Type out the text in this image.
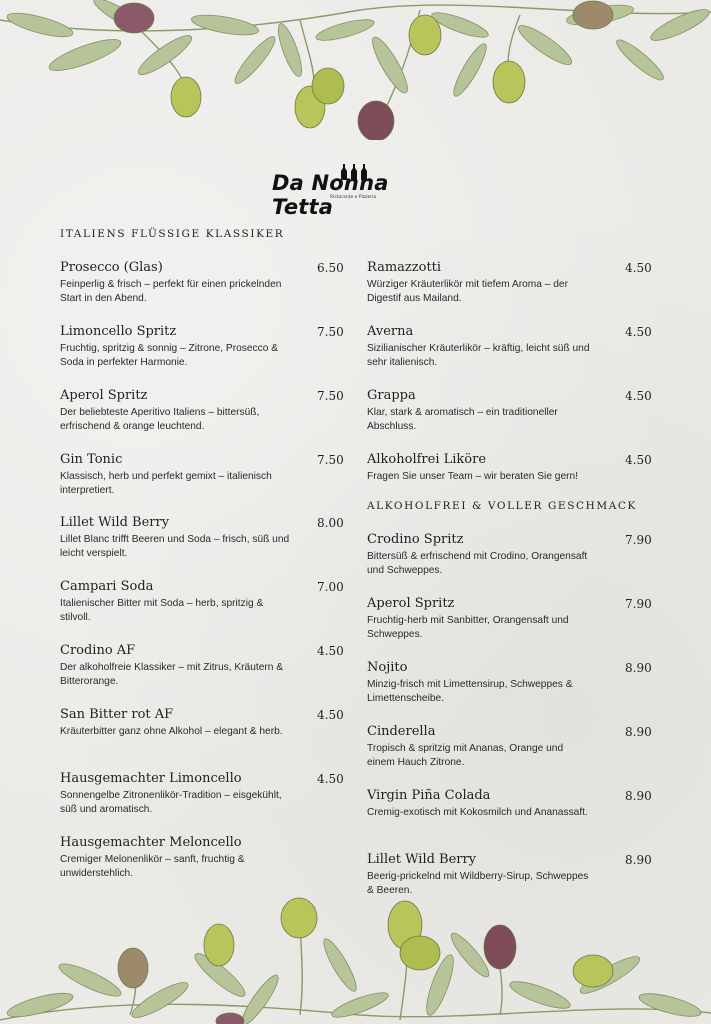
Da Nonna Tetta
Ristorante e Pizzeria
ITALIENS FLÜSSIGE KLASSIKER
ALKOHOLFREI & VOLLER GESCHMACK
Prosecco (Glas)	6.50
Feinperlig & frisch – perfekt für einen prickelnden Start in den Abend.
Limoncello Spritz	7.50
Fruchtig, spritzig & sonnig – Zitrone, Prosecco & Soda in perfekter Harmonie.
Aperol Spritz	7.50
Der beliebteste Aperitivo Italiens – bittersüß, erfrischend & orange leuchtend.
Gin Tonic	7.50
Klassisch, herb und perfekt gemixt – italienisch interpretiert.
Lillet Wild Berry	8.00
Lillet Blanc trifft Beeren und Soda – frisch, süß und leicht verspielt.
Campari Soda	7.00
Italienischer Bitter mit Soda – herb, spritzig & stilvoll.
Crodino AF	4.50
Der alkoholfreie Klassiker – mit Zitrus, Kräutern & Bitterorange.
San Bitter rot AF	4.50
Kräuterbitter ganz ohne Alkohol – elegant & herb.
Hausgemachter Limoncello	4.50
Sonnengelbe Zitronenlikör-Tradition – eisgekühlt, süß und aromatisch.
Hausgemachter Meloncello
Cremiger Melonenlikör – sanft, fruchtig & unwiderstehlich.
Ramazzotti	4.50
Würziger Kräuterlikör mit tiefem Aroma – der Digestif aus Mailand.
Averna	4.50
Sizilianischer Kräuterlikör – kräftig, leicht süß und sehr italienisch.
Grappa	4.50
Klar, stark & aromatisch – ein traditioneller Abschluss.
Alkoholfrei Liköre	4.50
Fragen Sie unser Team – wir beraten Sie gern!
Crodino Spritz	7.90
Bittersüß & erfrischend mit Crodino, Orangensaft und Schweppes.
Aperol Spritz	7.90
Fruchtig-herb mit Sanbitter, Orangensaft und Schweppes.
Nojito	8.90
Minzig-frisch mit Limettensirup, Schweppes & Limettenscheibe.
Cinderella	8.90
Tropisch & spritzig mit Ananas, Orange und einem Hauch Zitrone.
Virgin Piña Colada	8.90
Cremig-exotisch mit Kokosmilch und Ananassaft.
Lillet Wild Berry	8.90
Beerig-prickelnd mit Wildberry-Sirup, Schweppes & Beeren.
